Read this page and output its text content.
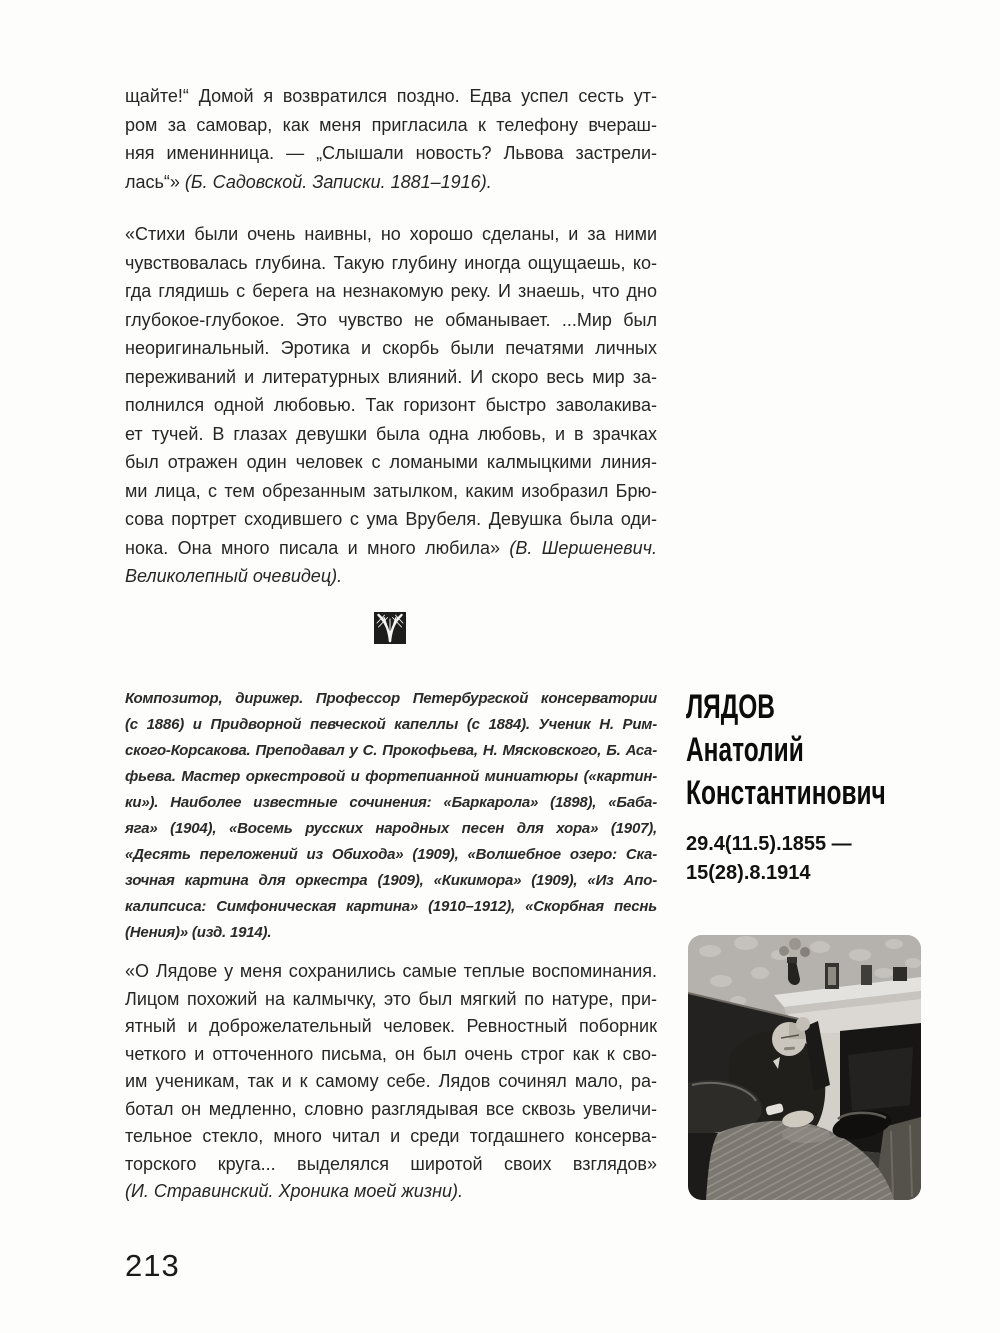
щайте!“ Домой я возвратился поздно. Едва успел сесть ут-
ром за самовар, как меня пригласила к телефону вчераш-
няя именинница. — „Слышали новость? Львова застрели-
лась“» (Б. Садовской. Записки. 1881–1916).
«Стихи были очень наивны, но хорошо сделаны, и за ними
чувствовалась глубина. Такую глубину иногда ощущаешь, ко-
гда глядишь с берега на незнакомую реку. И знаешь, что дно
глубокое-глубокое. Это чувство не обманывает. ...Мир был
неоригинальный. Эротика и скорбь были печатями личных
переживаний и литературных влияний. И скоро весь мир за-
полнился одной любовью. Так горизонт быстро заволакива-
ет тучей. В глазах девушки была одна любовь, и в зрачках
был отражен один человек с ломаными калмыцкими линия-
ми лица, с тем обрезанным затылком, каким изобразил Брю-
сова портрет сходившего с ума Врубеля. Девушка была оди-
нока. Она много писала и много любила» (В. Шершеневич.
Великолепный очевидец).
Композитор, дирижер. Профессор Петербургской консерватории
(с 1886) и Придворной певческой капеллы (с 1884). Ученик Н. Рим-
ского-Корсакова. Преподавал у С. Прокофьева, Н. Мясковского, Б. Аса-
фьева. Мастер оркестровой и фортепианной миниатюры («картин-
ки»). Наиболее известные сочинения: «Баркарола» (1898), «Баба-
яга» (1904), «Восемь русских народных песен для хора» (1907),
«Десять переложений из Обихода» (1909), «Волшебное озеро: Ска-
зочная картина для оркестра (1909), «Кикимора» (1909), «Из Апо-
калипсиса: Симфоническая картина» (1910–1912), «Скорбная песнь
(Нения)» (изд. 1914).
ЛЯДОВ
Анатолий
Константинович
29.4(11.5).1855 —
15(28).8.1914
«О Лядове у меня сохранились самые теплые воспоминания.
Лицом похожий на калмычку, это был мягкий по натуре, при-
ятный и доброжелательный человек. Ревностный поборник
четкого и отточенного письма, он был очень строг как к сво-
им ученикам, так и к самому себе. Лядов сочинял мало, ра-
ботал он медленно, словно разглядывая все сквозь увеличи-
тельное стекло, много читал и среди тогдашнего консерва-
торского круга... выделялся широтой своих взглядов»
(И. Стравинский. Хроника моей жизни).
213
